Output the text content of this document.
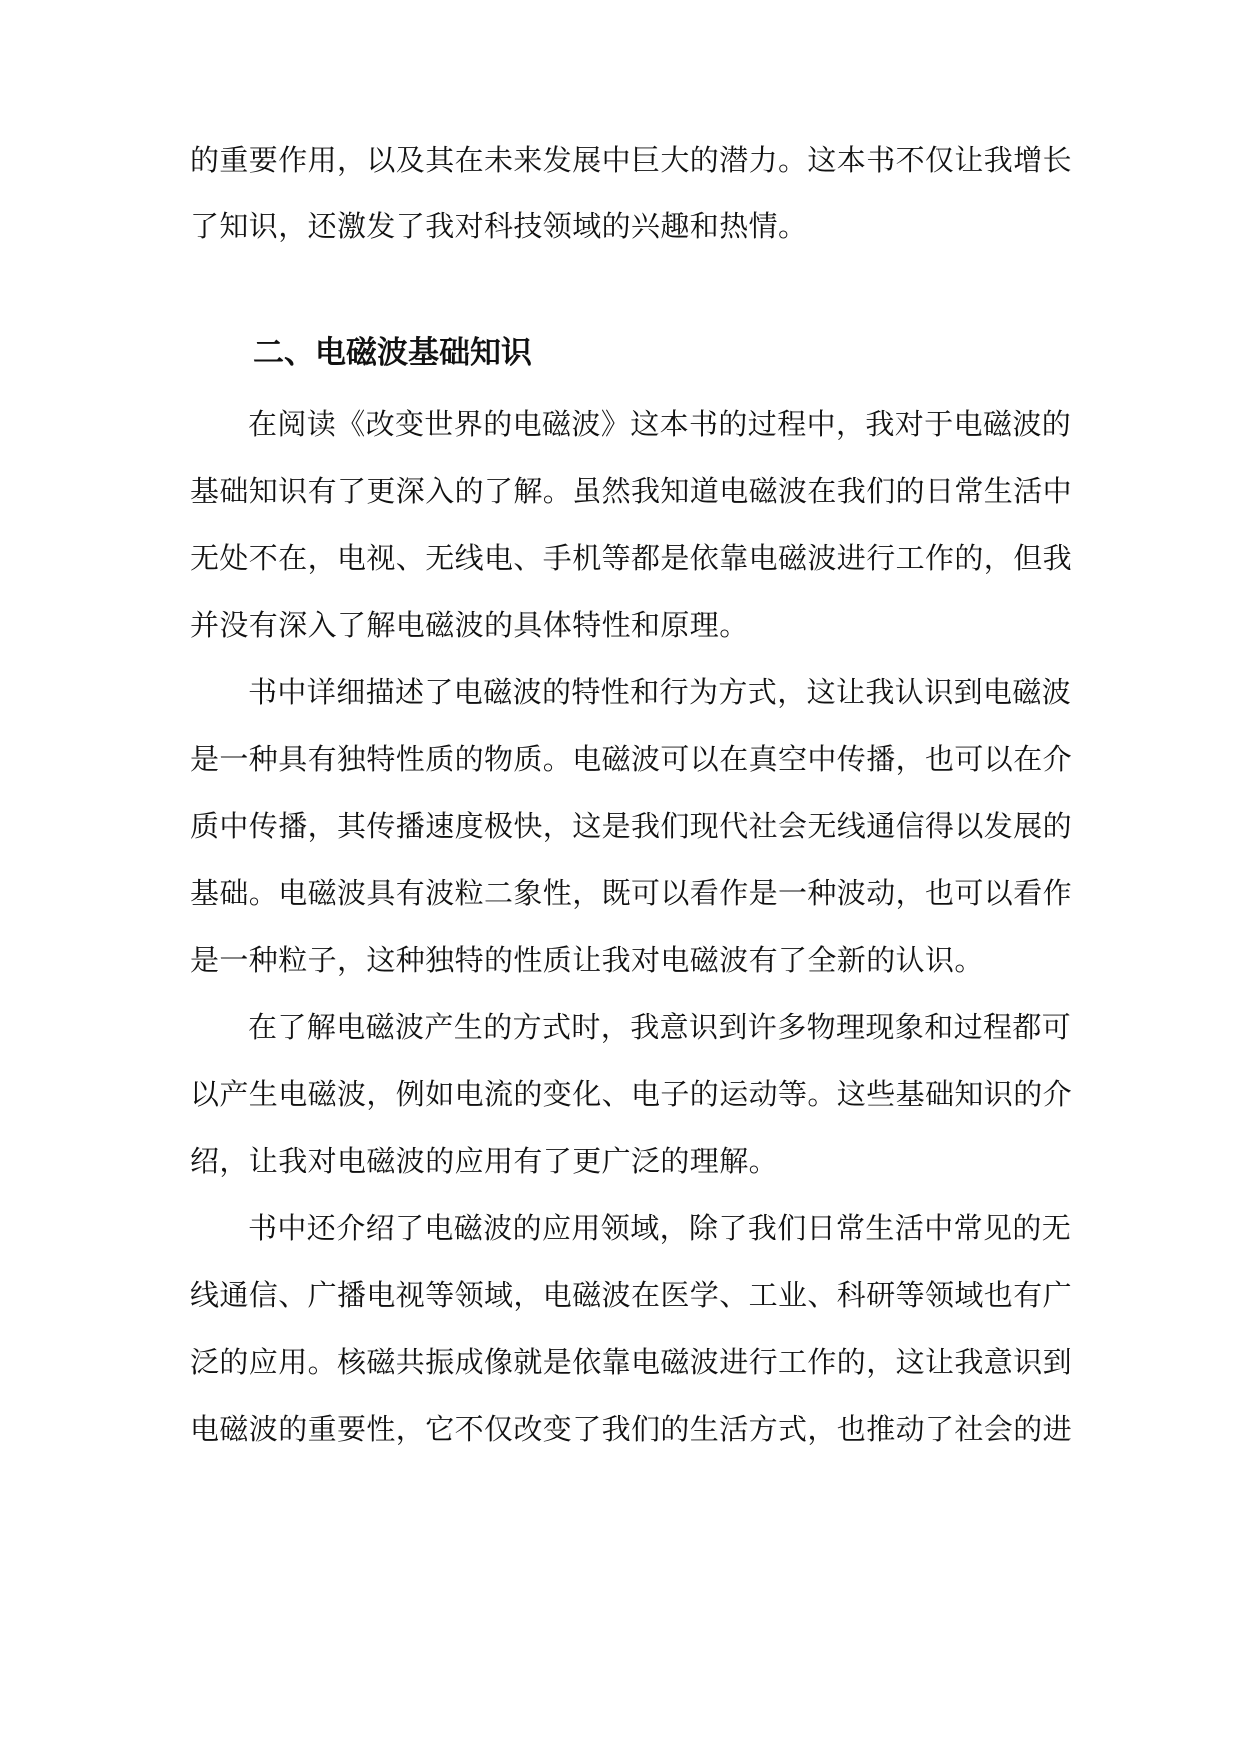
的重要作用，以及其在未来发展中巨大的潜力。这本书不仅让我增长
了知识，还激发了我对科技领域的兴趣和热情。
二、电磁波基础知识
在阅读《改变世界的电磁波》这本书的过程中，我对于电磁波的
基础知识有了更深入的了解。虽然我知道电磁波在我们的日常生活中
无处不在，电视、无线电、手机等都是依靠电磁波进行工作的，但我
并没有深入了解电磁波的具体特性和原理。
书中详细描述了电磁波的特性和行为方式，这让我认识到电磁波
是一种具有独特性质的物质。电磁波可以在真空中传播，也可以在介
质中传播，其传播速度极快，这是我们现代社会无线通信得以发展的
基础。电磁波具有波粒二象性，既可以看作是一种波动，也可以看作
是一种粒子，这种独特的性质让我对电磁波有了全新的认识。
在了解电磁波产生的方式时，我意识到许多物理现象和过程都可
以产生电磁波，例如电流的变化、电子的运动等。这些基础知识的介
绍，让我对电磁波的应用有了更广泛的理解。
书中还介绍了电磁波的应用领域，除了我们日常生活中常见的无
线通信、广播电视等领域，电磁波在医学、工业、科研等领域也有广
泛的应用。核磁共振成像就是依靠电磁波进行工作的，这让我意识到
电磁波的重要性，它不仅改变了我们的生活方式，也推动了社会的进
